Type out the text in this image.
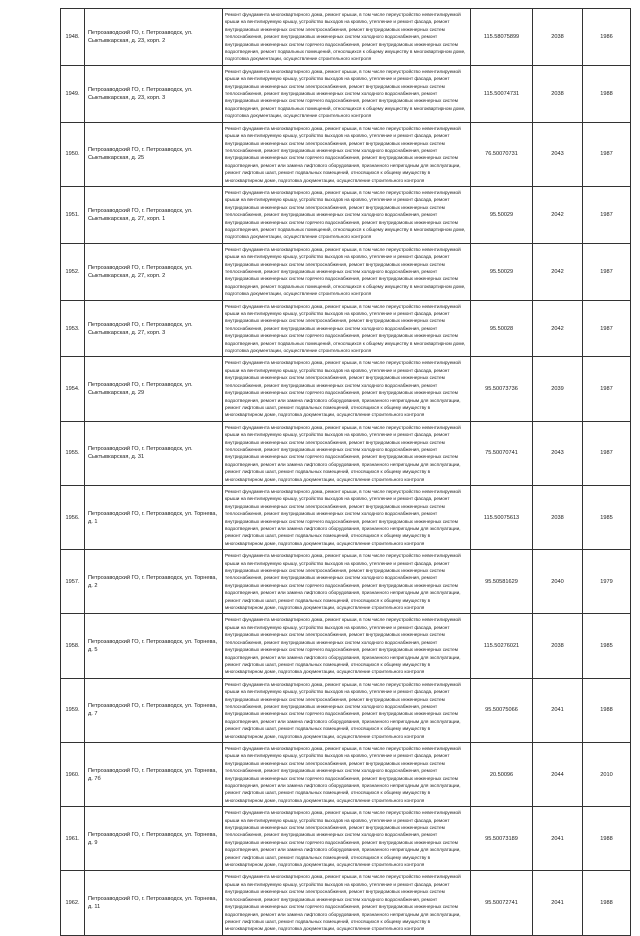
1948.	Петрозаводский ГО, г. Петрозаводск, ул. Сыктывкарская, д. 23, корп. 2	Ремонт фундамента многоквартирного дома, ремонт крыши, в том числе переустройство невентилируемой крыши на вентилируемую крышу, устройство выходов на кровлю, утепление и ремонт фасада, ремонт внутридомовых инженерных систем электроснабжения, ремонт внутридомовых инженерных систем теплоснабжения, ремонт внутридомовых инженерных систем холодного водоснабжения, ремонт внутридомовых инженерных систем горячего водоснабжения, ремонт внутридомовых инженерных систем водоотведения, ремонт подвальных помещений, относящихся к общему имуществу в многоквартирном доме, подготовка документации, осуществление строительного контроля	115.58075899	2038	1986
1949.	Петрозаводский ГО, г. Петрозаводск, ул. Сыктывкарская, д. 23, корп. 3	Ремонт фундамента многоквартирного дома, ремонт крыши, в том числе переустройство невентилируемой крыши на вентилируемую крышу, устройство выходов на кровлю, утепление и ремонт фасада, ремонт внутридомовых инженерных систем электроснабжения, ремонт внутридомовых инженерных систем теплоснабжения, ремонт внутридомовых инженерных систем холодного водоснабжения, ремонт внутридомовых инженерных систем горячего водоснабжения, ремонт внутридомовых инженерных систем водоотведения, ремонт подвальных помещений, относящихся к общему имуществу в многоквартирном доме, подготовка документации, осуществление строительного контроля	115.50074731	2038	1988
1950.	Петрозаводский ГО, г. Петрозаводск, ул. Сыктывкарская, д. 25	Ремонт фундамента многоквартирного дома, ремонт крыши, в том числе переустройство невентилируемой крыши на вентилируемую крышу, устройство выходов на кровлю, утепление и ремонт фасада, ремонт внутридомовых инженерных систем электроснабжения, ремонт внутридомовых инженерных систем теплоснабжения, ремонт внутридомовых инженерных систем холодного водоснабжения, ремонт внутридомовых инженерных систем горячего водоснабжения, ремонт внутридомовых инженерных систем водоотведения, ремонт или замена лифтового оборудования, признанного непригодным для эксплуатации, ремонт лифтовых шахт, ремонт подвальных помещений, относящихся к общему имуществу в многоквартирном доме, подготовка документации, осуществление строительного контроля	76.50070731	2043	1987
1951.	Петрозаводский ГО, г. Петрозаводск, ул. Сыктывкарская, д. 27, корп. 1	Ремонт фундамента многоквартирного дома, ремонт крыши, в том числе переустройство невентилируемой крыши на вентилируемую крышу, устройство выходов на кровлю, утепление и ремонт фасада, ремонт внутридомовых инженерных систем электроснабжения, ремонт внутридомовых инженерных систем теплоснабжения, ремонт внутридомовых инженерных систем холодного водоснабжения, ремонт внутридомовых инженерных систем горячего водоснабжения, ремонт внутридомовых инженерных систем водоотведения, ремонт подвальных помещений, относящихся к общему имуществу в многоквартирном доме, подготовка документации, осуществление строительного контроля	95.50029	2042	1987
1952.	Петрозаводский ГО, г. Петрозаводск, ул. Сыктывкарская, д. 27, корп. 2	Ремонт фундамента многоквартирного дома, ремонт крыши, в том числе переустройство невентилируемой крыши на вентилируемую крышу, устройство выходов на кровлю, утепление и ремонт фасада, ремонт внутридомовых инженерных систем электроснабжения, ремонт внутридомовых инженерных систем теплоснабжения, ремонт внутридомовых инженерных систем холодного водоснабжения, ремонт внутридомовых инженерных систем горячего водоснабжения, ремонт внутридомовых инженерных систем водоотведения, ремонт подвальных помещений, относящихся к общему имуществу в многоквартирном доме, подготовка документации, осуществление строительного контроля	95.50029	2042	1987
1953.	Петрозаводский ГО, г. Петрозаводск, ул. Сыктывкарская, д. 27, корп. 3	Ремонт фундамента многоквартирного дома, ремонт крыши, в том числе переустройство невентилируемой крыши на вентилируемую крышу, устройство выходов на кровлю, утепление и ремонт фасада, ремонт внутридомовых инженерных систем электроснабжения, ремонт внутридомовых инженерных систем теплоснабжения, ремонт внутридомовых инженерных систем холодного водоснабжения, ремонт внутридомовых инженерных систем горячего водоснабжения, ремонт внутридомовых инженерных систем водоотведения, ремонт подвальных помещений, относящихся к общему имуществу в многоквартирном доме, подготовка документации, осуществление строительного контроля	95.50028	2042	1987
1954.	Петрозаводский ГО, г. Петрозаводск, ул. Сыктывкарская, д. 29	Ремонт фундамента многоквартирного дома, ремонт крыши, в том числе переустройство невентилируемой крыши на вентилируемую крышу, устройство выходов на кровлю, утепление и ремонт фасада, ремонт внутридомовых инженерных систем электроснабжения, ремонт внутридомовых инженерных систем теплоснабжения, ремонт внутридомовых инженерных систем холодного водоснабжения, ремонт внутридомовых инженерных систем горячего водоснабжения, ремонт внутридомовых инженерных систем водоотведения, ремонт или замена лифтового оборудования, признанного непригодным для эксплуатации, ремонт лифтовых шахт, ремонт подвальных помещений, относящихся к общему имуществу в многоквартирном доме, подготовка документации, осуществление строительного контроля	95.50073736	2039	1987
1955.	Петрозаводский ГО, г. Петрозаводск, ул. Сыктывкарская, д. 31	Ремонт фундамента многоквартирного дома, ремонт крыши, в том числе переустройство невентилируемой крыши на вентилируемую крышу, устройство выходов на кровлю, утепление и ремонт фасада, ремонт внутридомовых инженерных систем электроснабжения, ремонт внутридомовых инженерных систем теплоснабжения, ремонт внутридомовых инженерных систем холодного водоснабжения, ремонт внутридомовых инженерных систем горячего водоснабжения, ремонт внутридомовых инженерных систем водоотведения, ремонт или замена лифтового оборудования, признанного непригодным для эксплуатации, ремонт лифтовых шахт, ремонт подвальных помещений, относящихся к общему имуществу в многоквартирном доме, подготовка документации, осуществление строительного контроля	75.50070741	2043	1987
1956.	Петрозаводский ГО, г. Петрозаводск, ул. Торнева, д. 1	Ремонт фундамента многоквартирного дома, ремонт крыши, в том числе переустройство невентилируемой крыши на вентилируемую крышу, устройство выходов на кровлю, утепление и ремонт фасада, ремонт внутридомовых инженерных систем электроснабжения, ремонт внутридомовых инженерных систем теплоснабжения, ремонт внутридомовых инженерных систем холодного водоснабжения, ремонт внутридомовых инженерных систем горячего водоснабжения, ремонт внутридомовых инженерных систем водоотведения, ремонт или замена лифтового оборудования, признанного непригодным для эксплуатации, ремонт лифтовых шахт, ремонт подвальных помещений, относящихся к общему имуществу в многоквартирном доме, подготовка документации, осуществление строительного контроля	115.50075613	2038	1985
1957.	Петрозаводский ГО, г. Петрозаводск, ул. Торнева, д. 2	Ремонт фундамента многоквартирного дома, ремонт крыши, в том числе переустройство невентилируемой крыши на вентилируемую крышу, устройство выходов на кровлю, утепление и ремонт фасада, ремонт внутридомовых инженерных систем электроснабжения, ремонт внутридомовых инженерных систем теплоснабжения, ремонт внутридомовых инженерных систем холодного водоснабжения, ремонт внутридомовых инженерных систем горячего водоснабжения, ремонт внутридомовых инженерных систем водоотведения, ремонт или замена лифтового оборудования, признанного непригодным для эксплуатации, ремонт лифтовых шахт, ремонт подвальных помещений, относящихся к общему имуществу в многоквартирном доме, подготовка документации, осуществление строительного контроля	95.50581629	2040	1979
1958.	Петрозаводский ГО, г. Петрозаводск, ул. Торнева, д. 5	Ремонт фундамента многоквартирного дома, ремонт крыши, в том числе переустройство невентилируемой крыши на вентилируемую крышу, устройство выходов на кровлю, утепление и ремонт фасада, ремонт внутридомовых инженерных систем электроснабжения, ремонт внутридомовых инженерных систем теплоснабжения, ремонт внутридомовых инженерных систем холодного водоснабжения, ремонт внутридомовых инженерных систем горячего водоснабжения, ремонт внутридомовых инженерных систем водоотведения, ремонт или замена лифтового оборудования, признанного непригодным для эксплуатации, ремонт лифтовых шахт, ремонт подвальных помещений, относящихся к общему имуществу в многоквартирном доме, подготовка документации, осуществление строительного контроля	115.50276021	2038	1985
1959.	Петрозаводский ГО, г. Петрозаводск, ул. Торнева, д. 7	Ремонт фундамента многоквартирного дома, ремонт крыши, в том числе переустройство невентилируемой крыши на вентилируемую крышу, устройство выходов на кровлю, утепление и ремонт фасада, ремонт внутридомовых инженерных систем электроснабжения, ремонт внутридомовых инженерных систем теплоснабжения, ремонт внутридомовых инженерных систем холодного водоснабжения, ремонт внутридомовых инженерных систем горячего водоснабжения, ремонт внутридомовых инженерных систем водоотведения, ремонт или замена лифтового оборудования, признанного непригодным для эксплуатации, ремонт лифтовых шахт, ремонт подвальных помещений, относящихся к общему имуществу в многоквартирном доме, подготовка документации, осуществление строительного контроля	95.50075066	2041	1988
1960.	Петрозаводский ГО, г. Петрозаводск, ул. Торнева, д. 7б	Ремонт фундамента многоквартирного дома, ремонт крыши, в том числе переустройство невентилируемой крыши на вентилируемую крышу, устройство выходов на кровлю, утепление и ремонт фасада, ремонт внутридомовых инженерных систем электроснабжения, ремонт внутридомовых инженерных систем теплоснабжения, ремонт внутридомовых инженерных систем холодного водоснабжения, ремонт внутридомовых инженерных систем горячего водоснабжения, ремонт внутридомовых инженерных систем водоотведения, ремонт или замена лифтового оборудования, признанного непригодным для эксплуатации, ремонт лифтовых шахт, ремонт подвальных помещений, относящихся к общему имуществу в многоквартирном доме, подготовка документации, осуществление строительного контроля	20.50096	2044	2010
1961.	Петрозаводский ГО, г. Петрозаводск, ул. Торнева, д. 9	Ремонт фундамента многоквартирного дома, ремонт крыши, в том числе переустройство невентилируемой крыши на вентилируемую крышу, устройство выходов на кровлю, утепление и ремонт фасада, ремонт внутридомовых инженерных систем электроснабжения, ремонт внутридомовых инженерных систем теплоснабжения, ремонт внутридомовых инженерных систем холодного водоснабжения, ремонт внутридомовых инженерных систем горячего водоснабжения, ремонт внутридомовых инженерных систем водоотведения, ремонт или замена лифтового оборудования, признанного непригодным для эксплуатации, ремонт лифтовых шахт, ремонт подвальных помещений, относящихся к общему имуществу в многоквартирном доме, подготовка документации, осуществление строительного контроля	95.50073189	2041	1988
1962.	Петрозаводский ГО, г. Петрозаводск, ул. Торнева, д. 11	Ремонт фундамента многоквартирного дома, ремонт крыши, в том числе переустройство невентилируемой крыши на вентилируемую крышу, устройство выходов на кровлю, утепление и ремонт фасада, ремонт внутридомовых инженерных систем электроснабжения, ремонт внутридомовых инженерных систем теплоснабжения, ремонт внутридомовых инженерных систем холодного водоснабжения, ремонт внутридомовых инженерных систем горячего водоснабжения, ремонт внутридомовых инженерных систем водоотведения, ремонт или замена лифтового оборудования, признанного непригодным для эксплуатации, ремонт лифтовых шахт, ремонт подвальных помещений, относящихся к общему имуществу в многоквартирном доме, подготовка документации, осуществление строительного контроля	95.50072741	2041	1988
